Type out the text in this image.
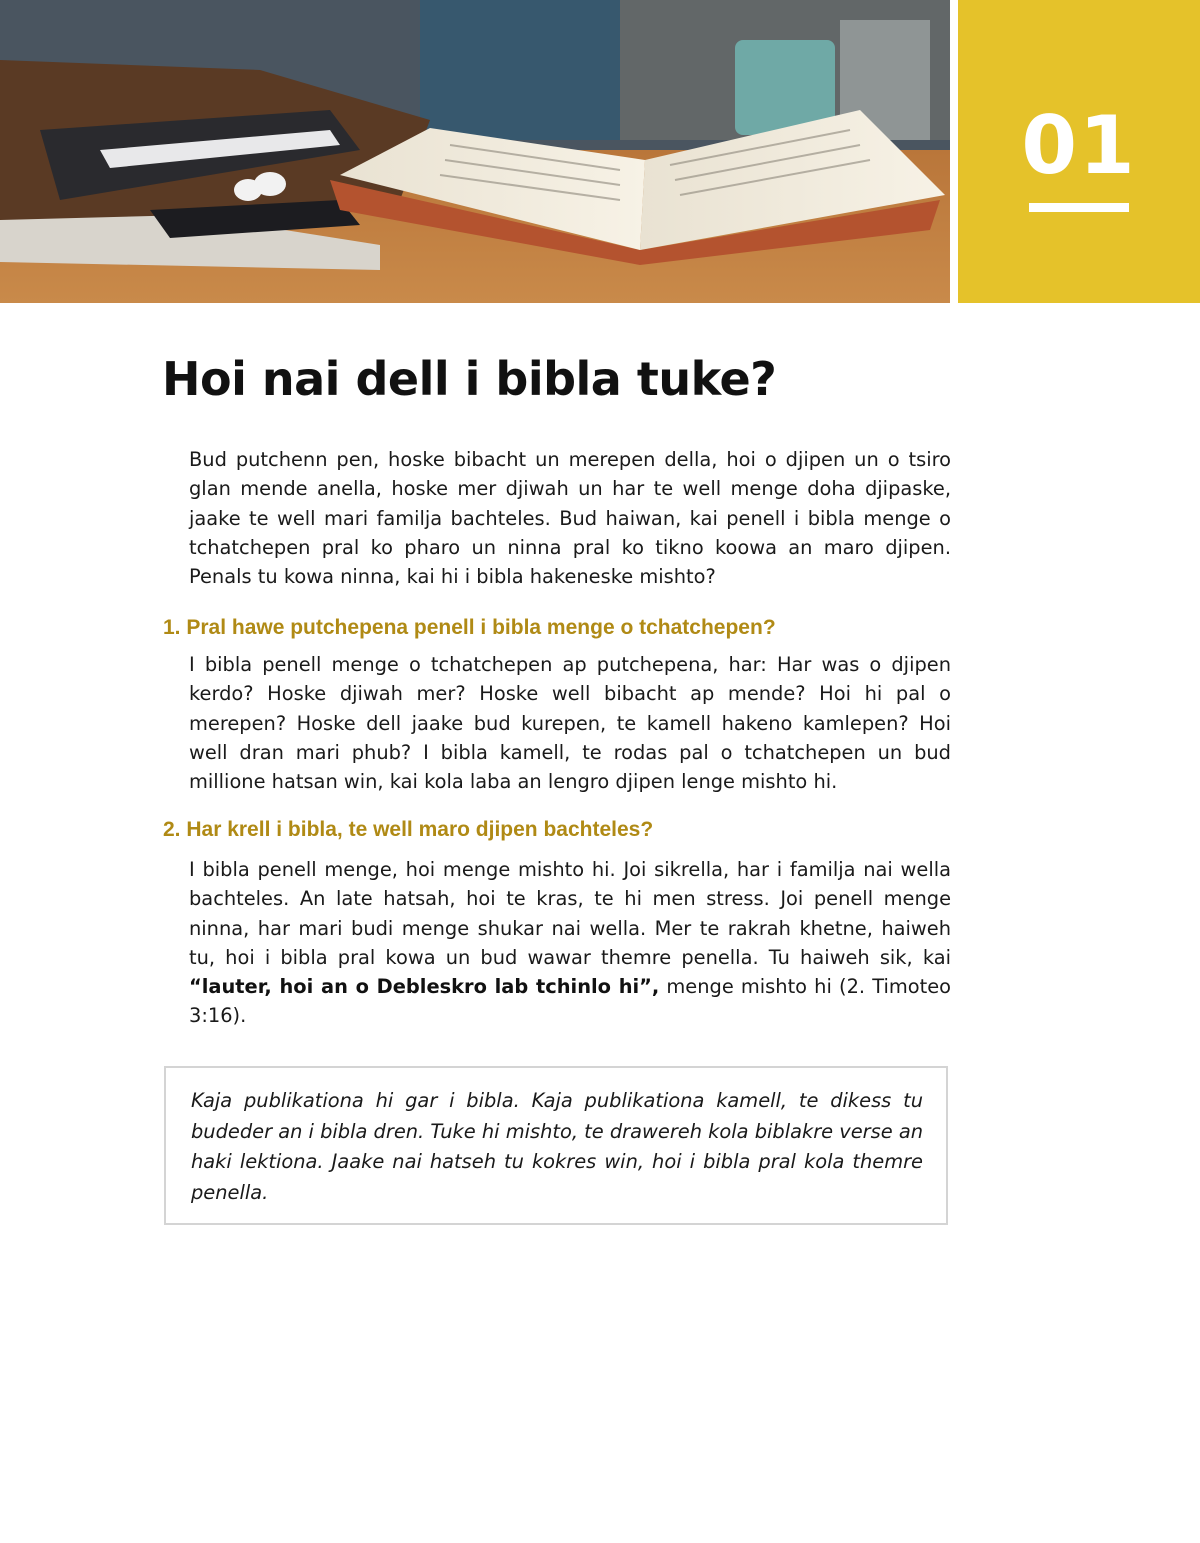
01
Hoi nai dell i bibla tuke?

Bud putchenn pen, hoske bibacht un merepen della, hoi o djipen un o tsiro glan mende anella, hoske mer djiwah un har te well menge doha djipaske, jaake te well mari familja bachteles. Bud haiwan, kai penell i bibla menge o tchatchepen pral ko pharo un ninna pral ko tikno koowa an maro djipen. Penals tu kowa ninna, kai hi i bibla hakeneske mishto?

1. Pral hawe putchepena penell i bibla menge o tchatchepen?

I bibla penell menge o tchatchepen ap putchepena, har: Har was o djipen kerdo? Hoske djiwah mer? Hoske well bibacht ap mende? Hoi hi pal o merepen? Hoske dell jaake bud kurepen, te kamell hakeno kamlepen? Hoi well dran mari phub? I bibla kamell, te rodas pal o tchatchepen un bud millione hatsan win, kai kola laba an lengro djipen lenge mishto hi.

2. Har krell i bibla, te well maro djipen bachteles?

I bibla penell menge, hoi menge mishto hi. Joi sikrella, har i familja nai wella bachteles. An late hatsah, hoi te kras, te hi men stress. Joi penell menge ninna, har mari budi menge shukar nai wella. Mer te rakrah khetne, haiweh tu, hoi i bibla pral kowa un bud wawar themre penella. Tu haiweh sik, kai “lauter, hoi an o Debleskro lab tchinlo hi”, menge mishto hi (2. Timoteo 3:16).

Kaja publikationa hi gar i bibla. Kaja publikationa kamell, te dikess tu budeder an i bibla dren. Tuke hi mishto, te drawereh kola biblakre verse an haki lektiona. Jaake nai hatseh tu kokres win, hoi i bibla pral kola themre penella.
